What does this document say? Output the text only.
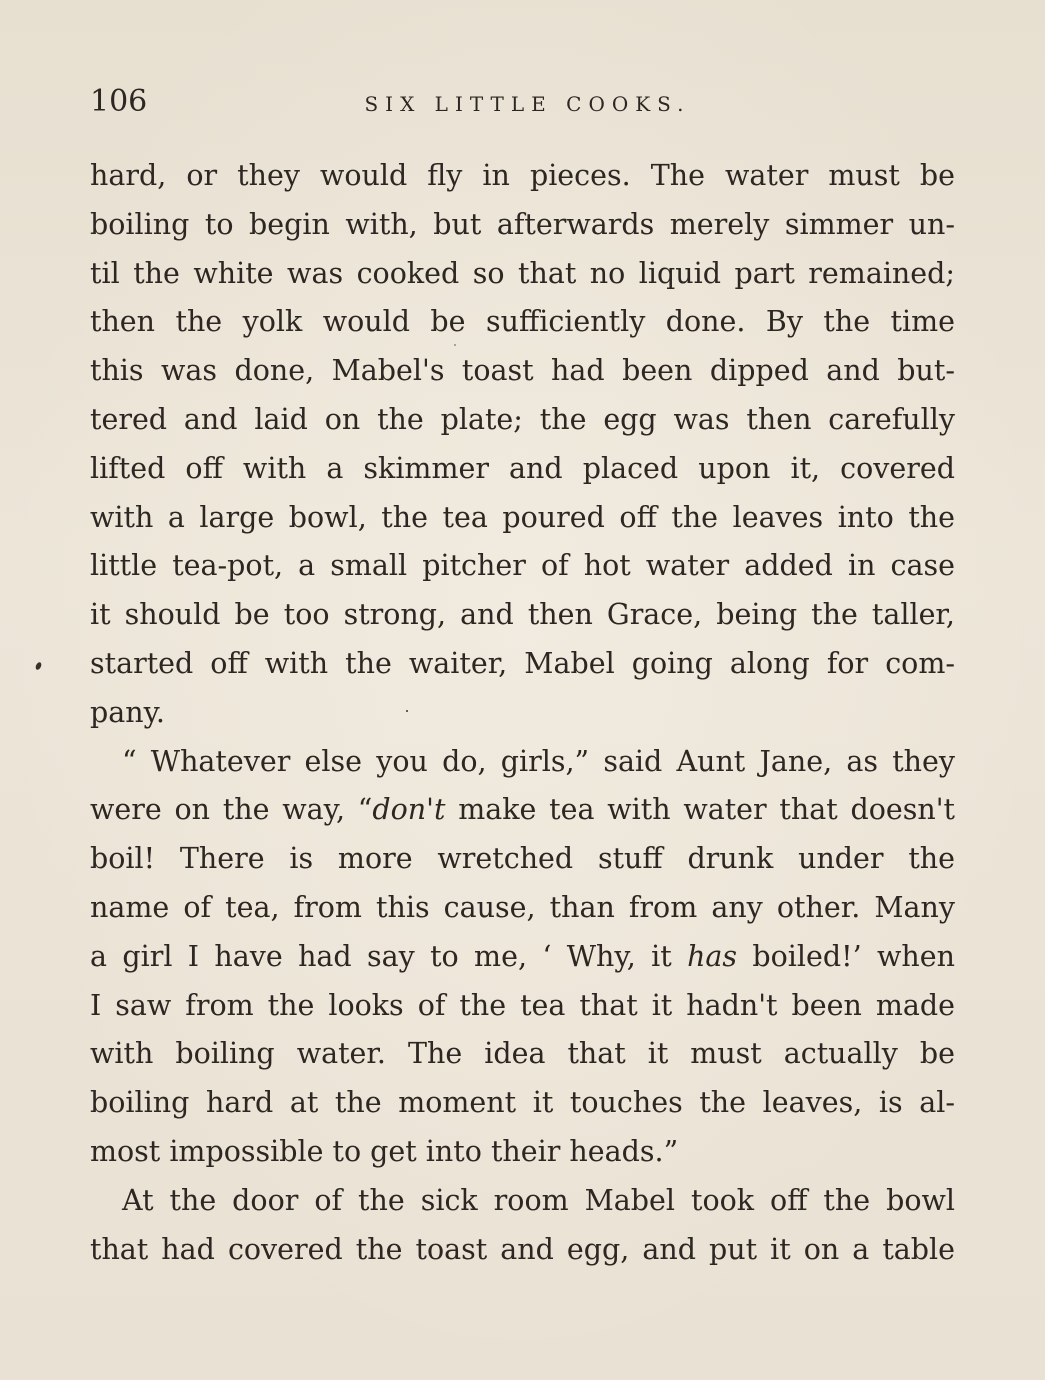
106	SIX LITTLE COOKS.
hard, or they would fly in pieces. The water must be
boiling to begin with, but afterwards merely simmer un-
til the white was cooked so that no liquid part remained;
then the yolk would be sufficiently done. By the time
this was done, Mabel's toast had been dipped and but-
tered and laid on the plate; the egg was then carefully
lifted off with a skimmer and placed upon it, covered
with a large bowl, the tea poured off the leaves into the
little tea-pot, a small pitcher of hot water added in case
it should be too strong, and then Grace, being the taller,
started off with the waiter, Mabel going along for com-
pany.
“ Whatever else you do, girls,” said Aunt Jane, as they
were on the way, “don't make tea with water that doesn't
boil! There is more wretched stuff drunk under the
name of tea, from this cause, than from any other. Many
a girl I have had say to me, ‘ Why, it has boiled!’ when
I saw from the looks of the tea that it hadn't been made
with boiling water. The idea that it must actually be
boiling hard at the moment it touches the leaves, is al-
most impossible to get into their heads.”
At the door of the sick room Mabel took off the bowl
that had covered the toast and egg, and put it on a table
